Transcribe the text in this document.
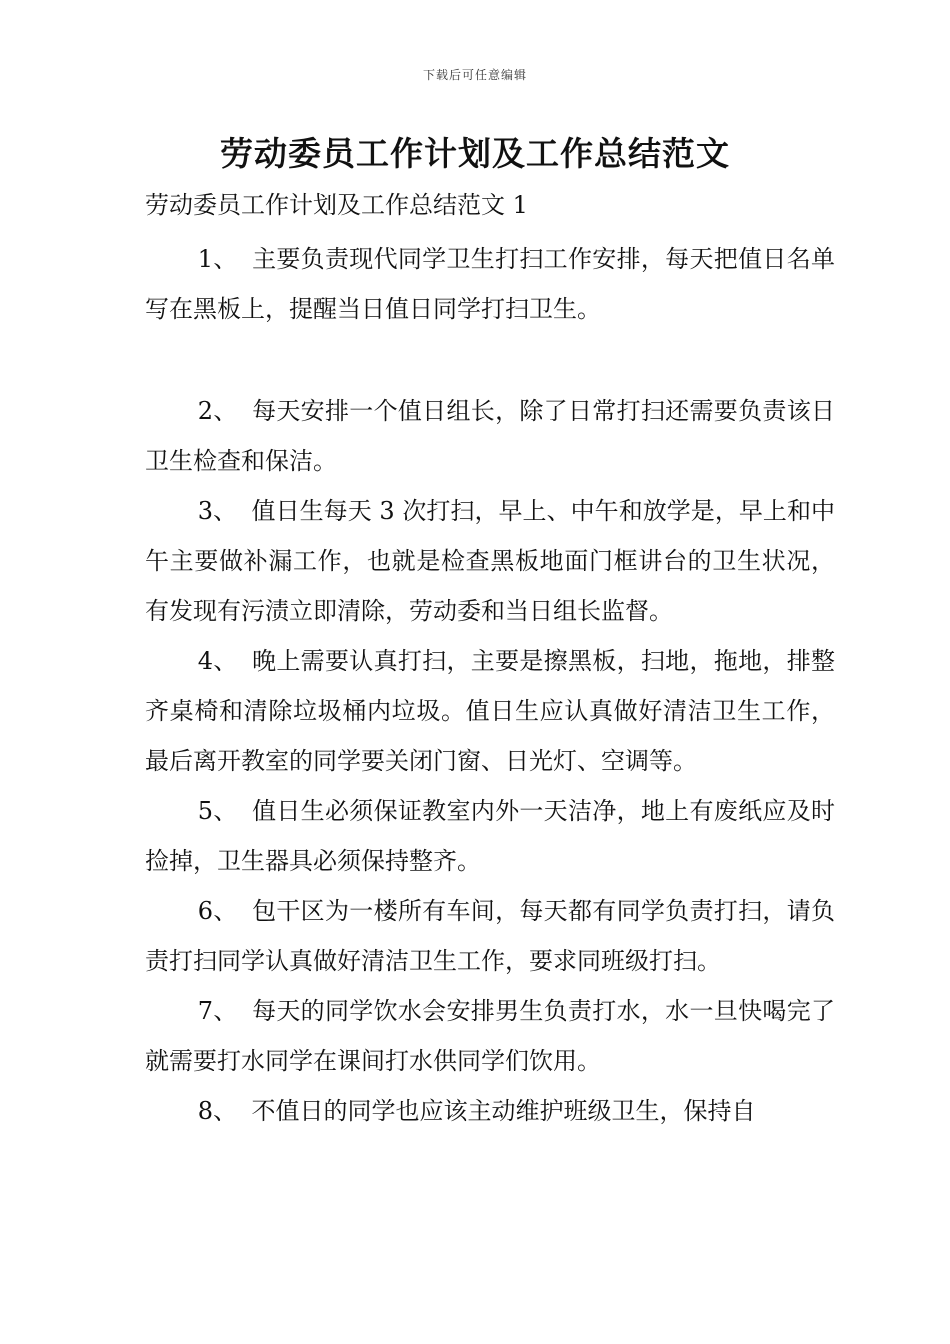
下载后可任意编辑
劳动委员工作计划及工作总结范文

劳动委员工作计划及工作总结范文 1

1、 主要负责现代同学卫生打扫工作安排，每天把值日名单写在黑板上，提醒当日值日同学打扫卫生。

2、 每天安排一个值日组长，除了日常打扫还需要负责该日卫生检查和保洁。

3、 值日生每天 3 次打扫，早上、中午和放学是，早上和中午主要做补漏工作，也就是检查黑板地面门框讲台的卫生状况，有发现有污渍立即清除，劳动委和当日组长监督。

4、 晚上需要认真打扫，主要是擦黑板，扫地，拖地，排整齐桌椅和清除垃圾桶内垃圾。值日生应认真做好清洁卫生工作，最后离开教室的同学要关闭门窗、日光灯、空调等。

5、 值日生必须保证教室内外一天洁净，地上有废纸应及时捡掉，卫生器具必须保持整齐。

6、 包干区为一楼所有车间，每天都有同学负责打扫，请负责打扫同学认真做好清洁卫生工作，要求同班级打扫。

7、 每天的同学饮水会安排男生负责打水，水一旦快喝完了就需要打水同学在课间打水供同学们饮用。

8、 不值日的同学也应该主动维护班级卫生，保持自
